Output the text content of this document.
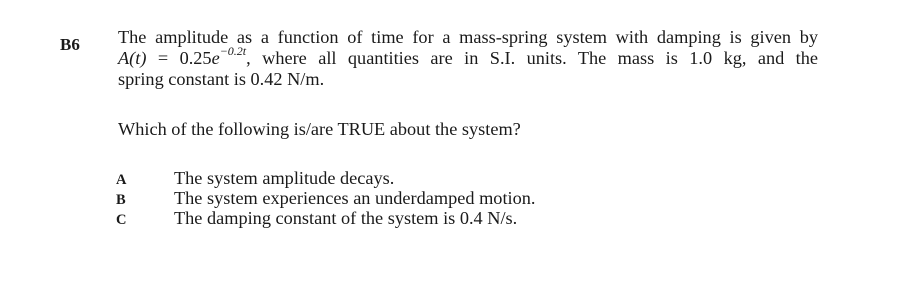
B6 The amplitude as a function of time for a mass-spring system with damping is given by
$A(t) = 0.25e^{-0.2t}$, where all quantities are in S.I. units. The mass is 1.0 kg, and the
spring constant is 0.42 N/m.
Which of the following is/are TRUE about the system?
A	The system amplitude decays.
B	The system experiences an underdamped motion.
C	The damping constant of the system is 0.4 N/s.
